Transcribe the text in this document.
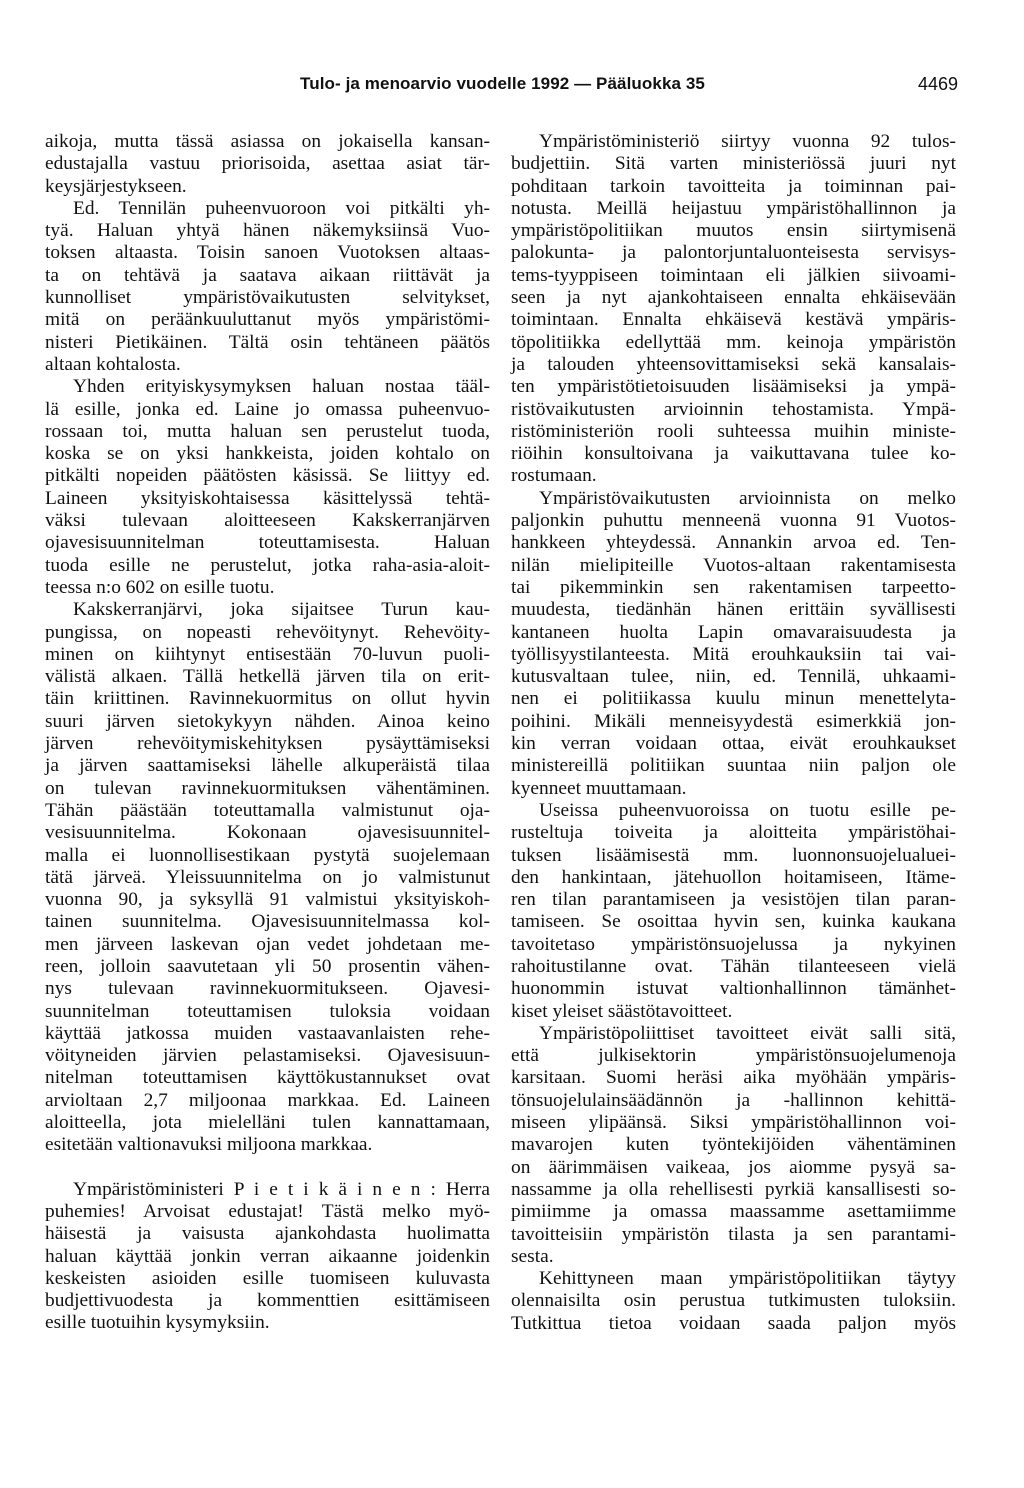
Tulo- ja menoarvio vuodelle 1992 — Pääluokka 35	4469
aikoja, mutta tässä asiassa on jokaisella kansan-
edustajalla vastuu priorisoida, asettaa asiat tär-
keysjärjestykseen.
Ed. Tennilän puheenvuoroon voi pitkälti yh-
tyä. Haluan yhtyä hänen näkemyksiinsä Vuo-
toksen altaasta. Toisin sanoen Vuotoksen altaas-
ta on tehtävä ja saatava aikaan riittävät ja
kunnolliset ympäristövaikutusten selvitykset,
mitä on peräänkuuluttanut myös ympäristömi-
nisteri Pietikäinen. Tältä osin tehtäneen päätös
altaan kohtalosta.
Yhden erityiskysymyksen haluan nostaa tääl-
lä esille, jonka ed. Laine jo omassa puheenvuo-
rossaan toi, mutta haluan sen perustelut tuoda,
koska se on yksi hankkeista, joiden kohtalo on
pitkälti nopeiden päätösten käsissä. Se liittyy ed.
Laineen yksityiskohtaisessa käsittelyssä tehtä-
väksi tulevaan aloitteeseen Kakskerranjärven
ojavesisuunnitelman toteuttamisesta. Haluan
tuoda esille ne perustelut, jotka raha-asia-aloit-
teessa n:o 602 on esille tuotu.
Kakskerranjärvi, joka sijaitsee Turun kau-
pungissa, on nopeasti rehevöitynyt. Rehevöity-
minen on kiihtynyt entisestään 70-luvun puoli-
välistä alkaen. Tällä hetkellä järven tila on erit-
täin kriittinen. Ravinnekuormitus on ollut hyvin
suuri järven sietokykyyn nähden. Ainoa keino
järven rehevöitymiskehityksen pysäyttämiseksi
ja järven saattamiseksi lähelle alkuperäistä tilaa
on tulevan ravinnekuormituksen vähentäminen.
Tähän päästään toteuttamalla valmistunut oja-
vesisuunnitelma. Kokonaan ojavesisuunnitel-
malla ei luonnollisestikaan pystytä suojelemaan
tätä järveä. Yleissuunnitelma on jo valmistunut
vuonna 90, ja syksyllä 91 valmistui yksityiskoh-
tainen suunnitelma. Ojavesisuunnitelmassa kol-
men järveen laskevan ojan vedet johdetaan me-
reen, jolloin saavutetaan yli 50 prosentin vähen-
nys tulevaan ravinnekuormitukseen. Ojavesi-
suunnitelman toteuttamisen tuloksia voidaan
käyttää jatkossa muiden vastaavanlaisten rehe-
vöityneiden järvien pelastamiseksi. Ojavesisuun-
nitelman toteuttamisen käyttökustannukset ovat
arvioltaan 2,7 miljoonaa markkaa. Ed. Laineen
aloitteella, jota mielelläni tulen kannattamaan,
esitetään valtionavuksi miljoona markkaa.
Ympäristöministeri P i e t i k ä i n e n : Herra
puhemies! Arvoisat edustajat! Tästä melko myö-
häisestä ja vaisusta ajankohdasta huolimatta
haluan käyttää jonkin verran aikaanne joidenkin
keskeisten asioiden esille tuomiseen kuluvasta
budjettivuodesta ja kommenttien esittämiseen
esille tuotuihin kysymyksiin.
Ympäristöministeriö siirtyy vuonna 92 tulos-
budjettiin. Sitä varten ministeriössä juuri nyt
pohditaan tarkoin tavoitteita ja toiminnan pai-
notusta. Meillä heijastuu ympäristöhallinnon ja
ympäristöpolitiikan muutos ensin siirtymisenä
palokunta- ja palontorjuntaluonteisesta servisys-
tems-tyyppiseen toimintaan eli jälkien siivoami-
seen ja nyt ajankohtaiseen ennalta ehkäisevään
toimintaan. Ennalta ehkäisevä kestävä ympäris-
töpolitiikka edellyttää mm. keinoja ympäristön
ja talouden yhteensovittamiseksi sekä kansalais-
ten ympäristötietoisuuden lisäämiseksi ja ympä-
ristövaikutusten arvioinnin tehostamista. Ympä-
ristöministeriön rooli suhteessa muihin ministe-
riöihin konsultoivana ja vaikuttavana tulee ko-
rostumaan.
Ympäristövaikutusten arvioinnista on melko
paljonkin puhuttu menneenä vuonna 91 Vuotos-
hankkeen yhteydessä. Annankin arvoa ed. Ten-
nilän mielipiteille Vuotos-altaan rakentamisesta
tai pikemminkin sen rakentamisen tarpeetto-
muudesta, tiedänhän hänen erittäin syvällisesti
kantaneen huolta Lapin omavaraisuudesta ja
työllisyystilanteesta. Mitä erouhkauksiin tai vai-
kutusvaltaan tulee, niin, ed. Tennilä, uhkaami-
nen ei politiikassa kuulu minun menettelyta-
poihini. Mikäli menneisyydestä esimerkkiä jon-
kin verran voidaan ottaa, eivät erouhkaukset
ministereillä politiikan suuntaa niin paljon ole
kyenneet muuttamaan.
Useissa puheenvuoroissa on tuotu esille pe-
rusteltuja toiveita ja aloitteita ympäristöhai-
tuksen lisäämisestä mm. luonnonsuojelualuei-
den hankintaan, jätehuollon hoitamiseen, Itäme-
ren tilan parantamiseen ja vesistöjen tilan paran-
tamiseen. Se osoittaa hyvin sen, kuinka kaukana
tavoitetaso ympäristönsuojelussa ja nykyinen
rahoitustilanne ovat. Tähän tilanteeseen vielä
huonommin istuvat valtionhallinnon tämänhet-
kiset yleiset säästötavoitteet.
Ympäristöpoliittiset tavoitteet eivät salli sitä,
että julkisektorin ympäristönsuojelumenoja
karsitaan. Suomi heräsi aika myöhään ympäris-
tönsuojelulainsäädännön ja -hallinnon kehittä-
miseen ylipäänsä. Siksi ympäristöhallinnon voi-
mavarojen kuten työntekijöiden vähentäminen
on äärimmäisen vaikeaa, jos aiomme pysyä sa-
nassamme ja olla rehellisesti pyrkiä kansallisesti so-
pimiimme ja omassa maassamme asettamiimme
tavoitteisiin ympäristön tilasta ja sen parantami-
sesta.
Kehittyneen maan ympäristöpolitiikan täytyy
olennaisilta osin perustua tutkimusten tuloksiin.
Tutkittua tietoa voidaan saada paljon myös
